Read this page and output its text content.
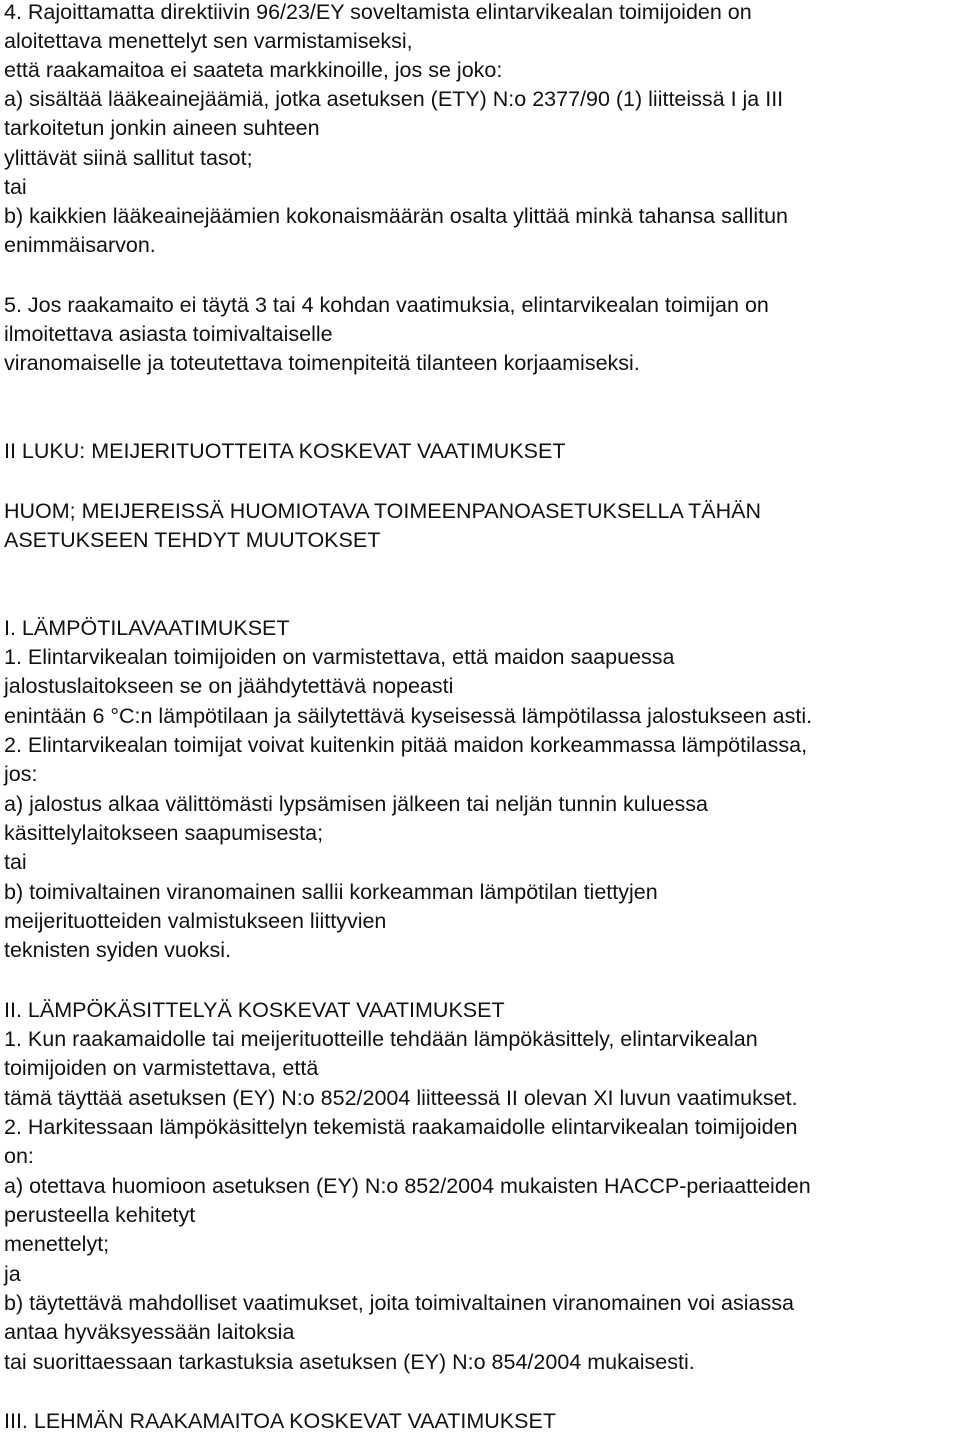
4. Rajoittamatta direktiivin 96/23/EY soveltamista elintarvikealan toimijoiden on
aloitettava menettelyt sen varmistamiseksi,
että raakamaitoa ei saateta markkinoille, jos se joko:
a) sisältää lääkeainejäämiä, jotka asetuksen (ETY) N:o 2377/90 (1) liitteissä I ja III
tarkoitetun jonkin aineen suhteen
ylittävät siinä sallitut tasot;
tai
b) kaikkien lääkeainejäämien kokonaismäärän osalta ylittää minkä tahansa sallitun
enimmäisarvon.
5. Jos raakamaito ei täytä 3 tai 4 kohdan vaatimuksia, elintarvikealan toimijan on
ilmoitettava asiasta toimivaltaiselle
viranomaiselle ja toteutettava toimenpiteitä tilanteen korjaamiseksi.
II LUKU: MEIJERITUOTTEITA KOSKEVAT VAATIMUKSET
HUOM; MEIJEREISSÄ HUOMIOTAVA TOIMEENPANOASETUKSELLA TÄHÄN
ASETUKSEEN TEHDYT MUUTOKSET
I. LÄMPÖTILAVAATIMUKSET
1. Elintarvikealan toimijoiden on varmistettava, että maidon saapuessa
jalostuslaitokseen se on jäähdytettävä nopeasti
enintään 6 °C:n lämpötilaan ja säilytettävä kyseisessä lämpötilassa jalostukseen asti.
2. Elintarvikealan toimijat voivat kuitenkin pitää maidon korkeammassa lämpötilassa,
jos:
a) jalostus alkaa välittömästi lypsämisen jälkeen tai neljän tunnin kuluessa
käsittelylaitokseen saapumisesta;
tai
b) toimivaltainen viranomainen sallii korkeamman lämpötilan tiettyjen
meijerituotteiden valmistukseen liittyvien
teknisten syiden vuoksi.
II. LÄMPÖKÄSITTELYÄ KOSKEVAT VAATIMUKSET
1. Kun raakamaidolle tai meijerituotteille tehdään lämpökäsittely, elintarvikealan
toimijoiden on varmistettava, että
tämä täyttää asetuksen (EY) N:o 852/2004 liitteessä II olevan XI luvun vaatimukset.
2. Harkitessaan lämpökäsittelyn tekemistä raakamaidolle elintarvikealan toimijoiden
on:
a) otettava huomioon asetuksen (EY) N:o 852/2004 mukaisten HACCP-periaatteiden
perusteella kehitetyt
menettelyt;
ja
b) täytettävä mahdolliset vaatimukset, joita toimivaltainen viranomainen voi asiassa
antaa hyväksyessään laitoksia
tai suorittaessaan tarkastuksia asetuksen (EY) N:o 854/2004 mukaisesti.
III. LEHMÄN RAAKAMAITOA KOSKEVAT VAATIMUKSET
